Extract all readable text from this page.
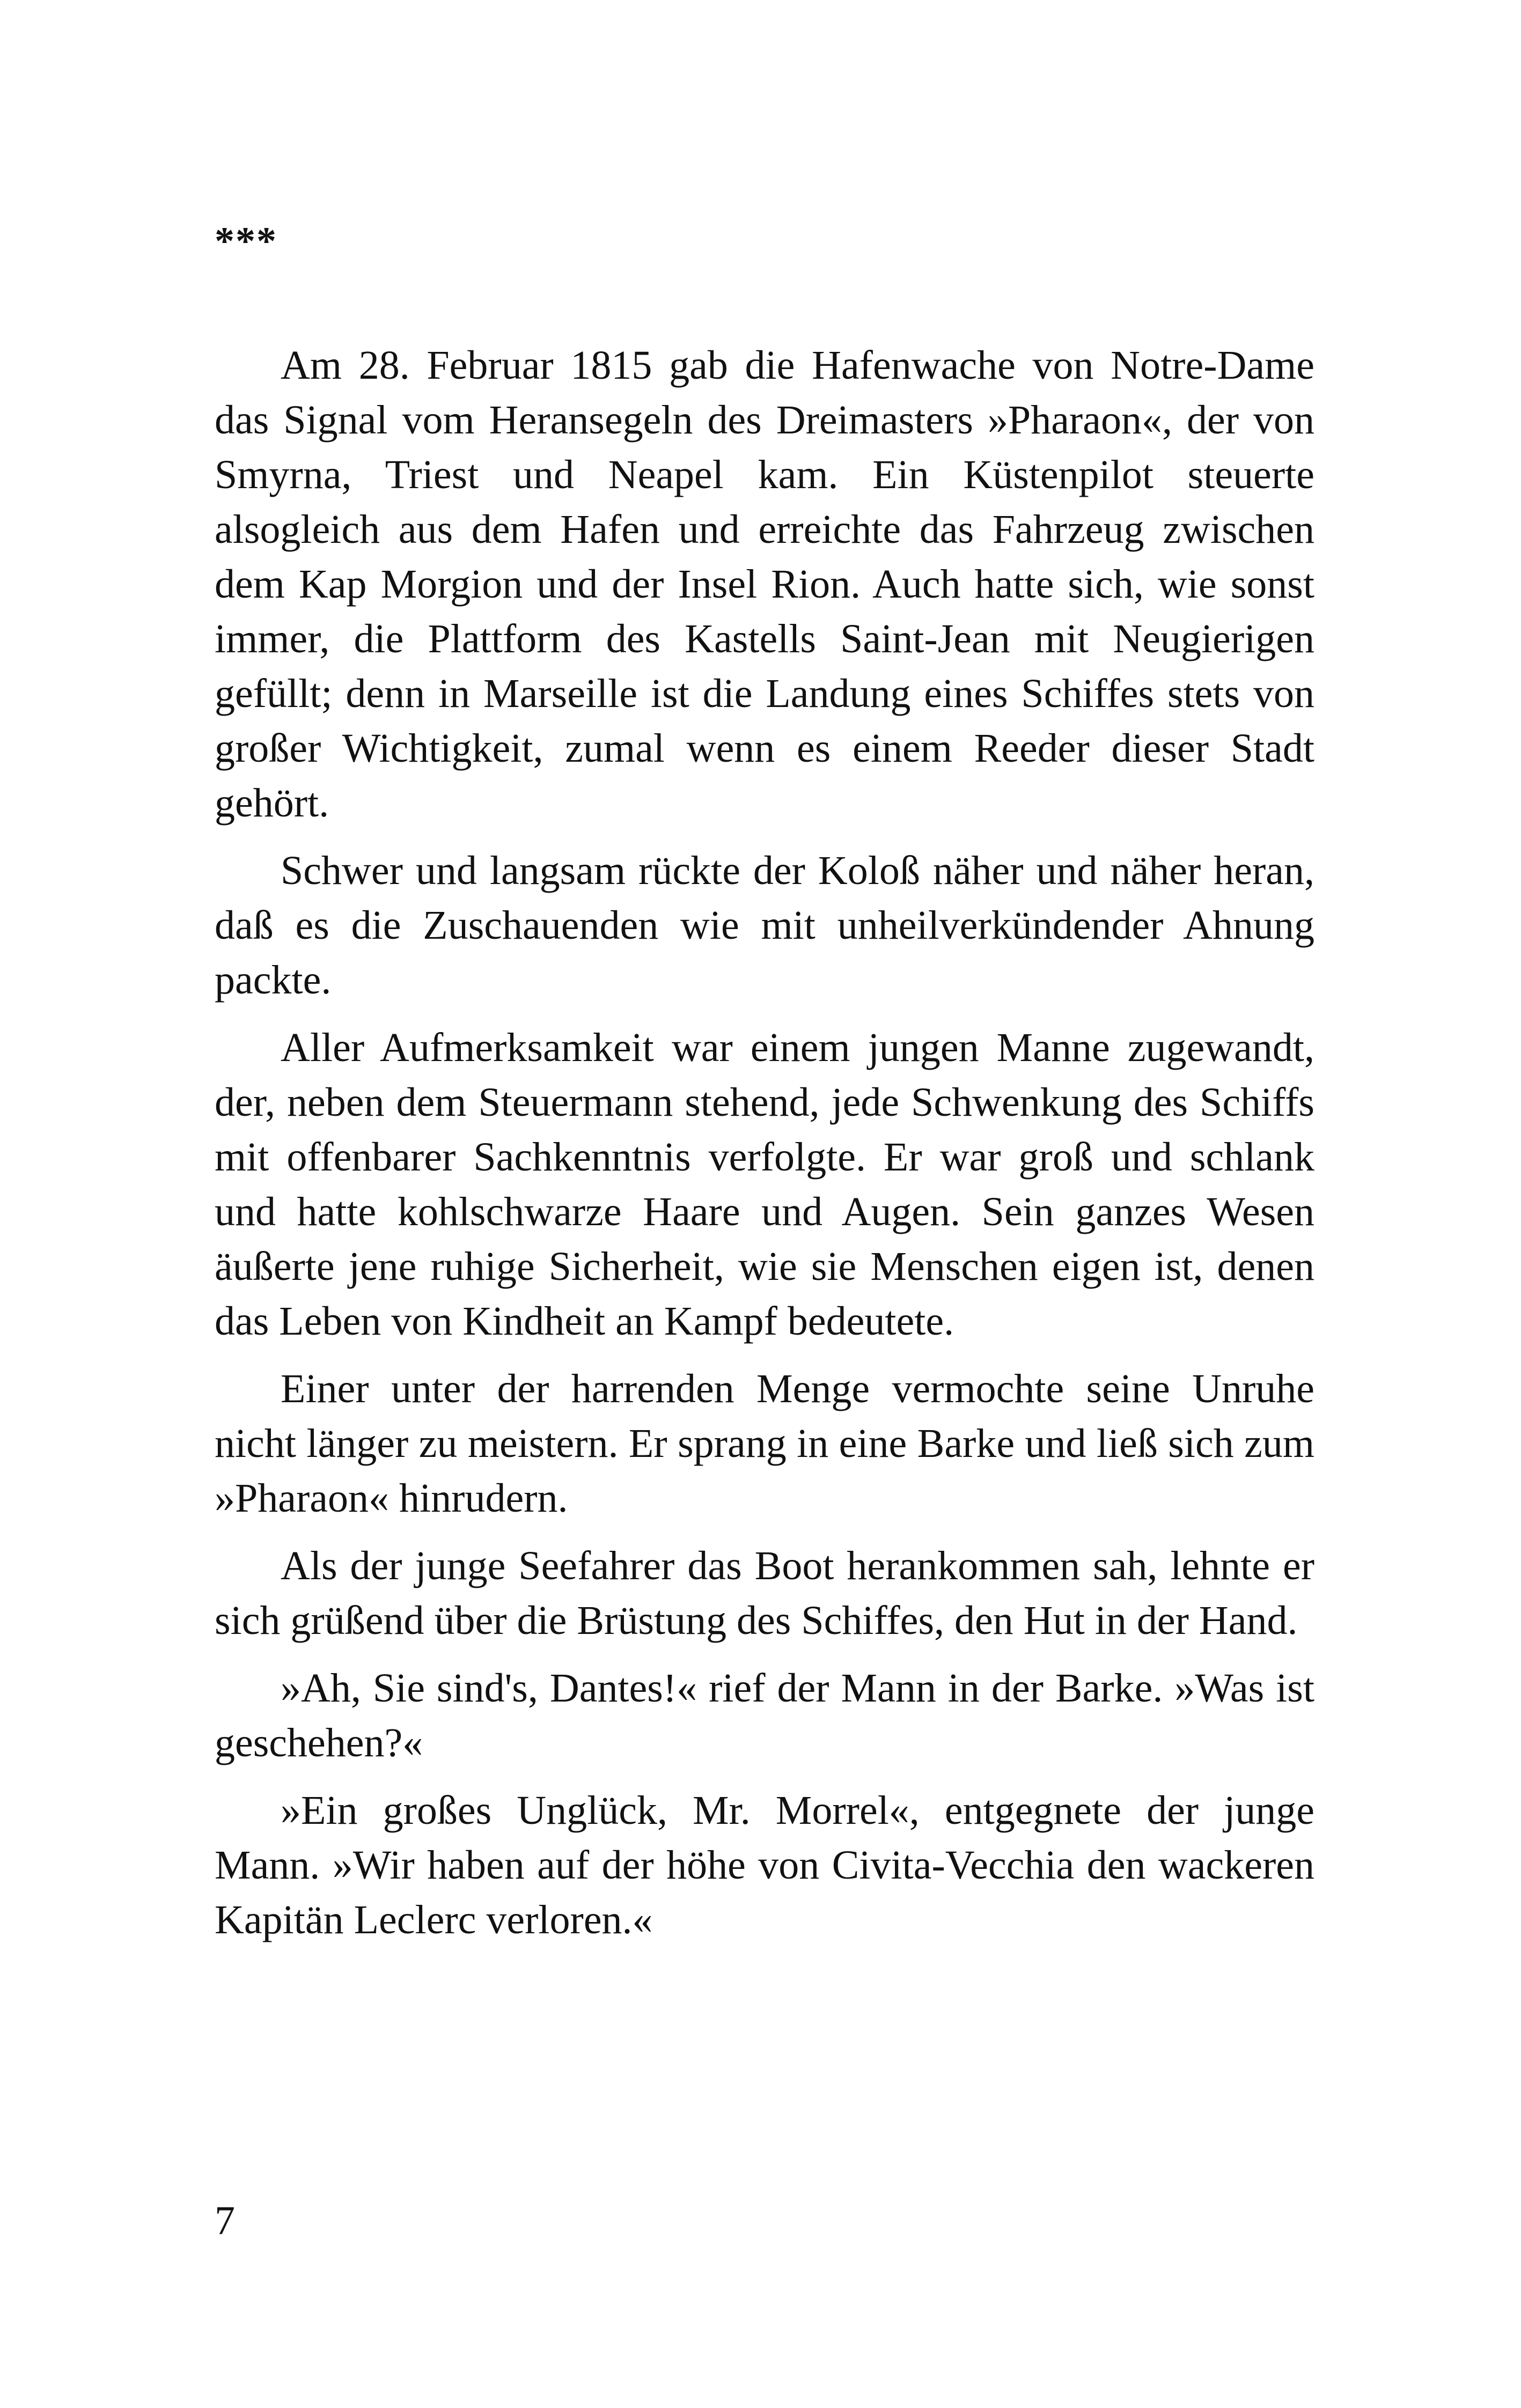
***

Am 28. Februar 1815 gab die Hafenwache von Notre-Dame das Signal vom Heransegeln des Dreimasters »Pharaon«, der von Smyrna, Triest und Neapel kam. Ein Küstenpilot steuerte alsogleich aus dem Hafen und erreichte das Fahrzeug zwischen dem Kap Morgion und der Insel Rion. Auch hatte sich, wie sonst immer, die Plattform des Kastells Saint-Jean mit Neugierigen gefüllt; denn in Marseille ist die Landung eines Schiffes stets von großer Wichtigkeit, zumal wenn es einem Reeder dieser Stadt gehört.

Schwer und langsam rückte der Koloß näher und näher heran, daß es die Zuschauenden wie mit unheilverkündender Ahnung packte.

Aller Aufmerksamkeit war einem jungen Manne zugewandt, der, neben dem Steuermann stehend, jede Schwenkung des Schiffs mit offenbarer Sachkenntnis verfolgte. Er war groß und schlank und hatte kohlschwarze Haare und Augen. Sein ganzes Wesen äußerte jene ruhige Sicherheit, wie sie Menschen eigen ist, denen das Leben von Kindheit an Kampf bedeutete.

Einer unter der harrenden Menge vermochte seine Unruhe nicht länger zu meistern. Er sprang in eine Barke und ließ sich zum »Pharaon« hinrudern.

Als der junge Seefahrer das Boot herankommen sah, lehnte er sich grüßend über die Brüstung des Schiffes, den Hut in der Hand.

»Ah, Sie sind's, Dantes!« rief der Mann in der Barke. »Was ist geschehen?«

»Ein großes Unglück, Mr. Morrel«, entgegnete der junge Mann. »Wir haben auf der höhe von Civita-Vecchia den wackeren Kapitän Leclerc verloren.«

7
